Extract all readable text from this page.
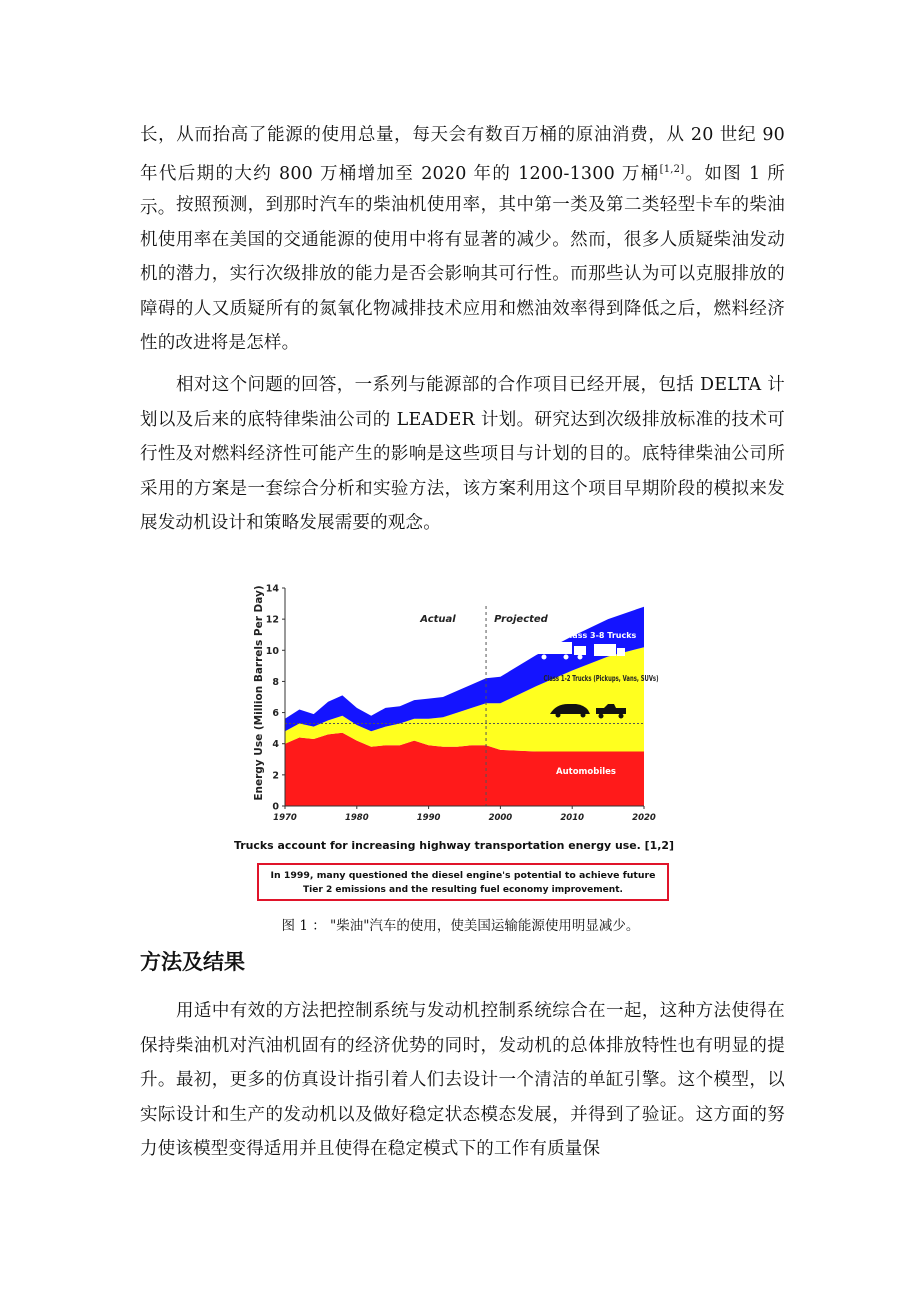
长，从而抬高了能源的使用总量，每天会有数百万桶的原油消费，从 20 世纪 90 年代后期的大约 800 万桶增加至 2020 年的 1200-1300 万桶[1,2]。如图 1 所示。 按照预测，到那时汽车的柴油机使用率，其中第一类及第二类轻型卡车的柴油机使用率在美国的交通能源的使用中将有显著的减少。然而，很多人质疑柴油发动机的潜力，实行次级排放的能力是否会影响其可行性。而那些认为可以克服排放的障碍的人又质疑所有的氮氧化物减排技术应用和燃油效率得到降低之后，燃料经济性的改进将是怎样。

相对这个问题的回答，一系列与能源部的合作项目已经开展，包括 DELTA 计划以及后来的底特律柴油公司的 LEADER 计划。研究达到次级排放标准的技术可行性及对燃料经济性可能产生的影响是这些项目与计划的目的。底特律柴油公司所采用的方案是一套综合分析和实验方法，该方案利用这个项目早期阶段的模拟来发展发动机设计和策略发展需要的观念。

0
2
4
6
8
10
12
14
1970	1980	1990	2000	2010	2020
Energy Use (Million Barrels Per Day)	Actual	Projected
Class 3-8 Trucks
Class 1-2 Trucks (Pickups, Vans, SUVs)
Automobiles
Trucks account for increasing highway transportation energy use. [1,2]
In 1999, many questioned the diesel engine's potential to achieve future
Tier 2 emissions and the resulting fuel economy improvement.

图 1 ： "柴油"汽车的使用，使美国运输能源使用明显减少。

方法及结果

用适中有效的方法把控制系统与发动机控制系统综合在一起，这种方法使得在保持柴油机对汽油机固有的经济优势的同时，发动机的总体排放特性也有明显的提升。最初，更多的仿真设计指引着人们去设计一个清洁的单缸引擎。这个模型，以实际设计和生产的发动机以及做好稳定状态模态发展，并得到了验证。这方面的努力使该模型变得适用并且使得在稳定模式下的工作有质量保
